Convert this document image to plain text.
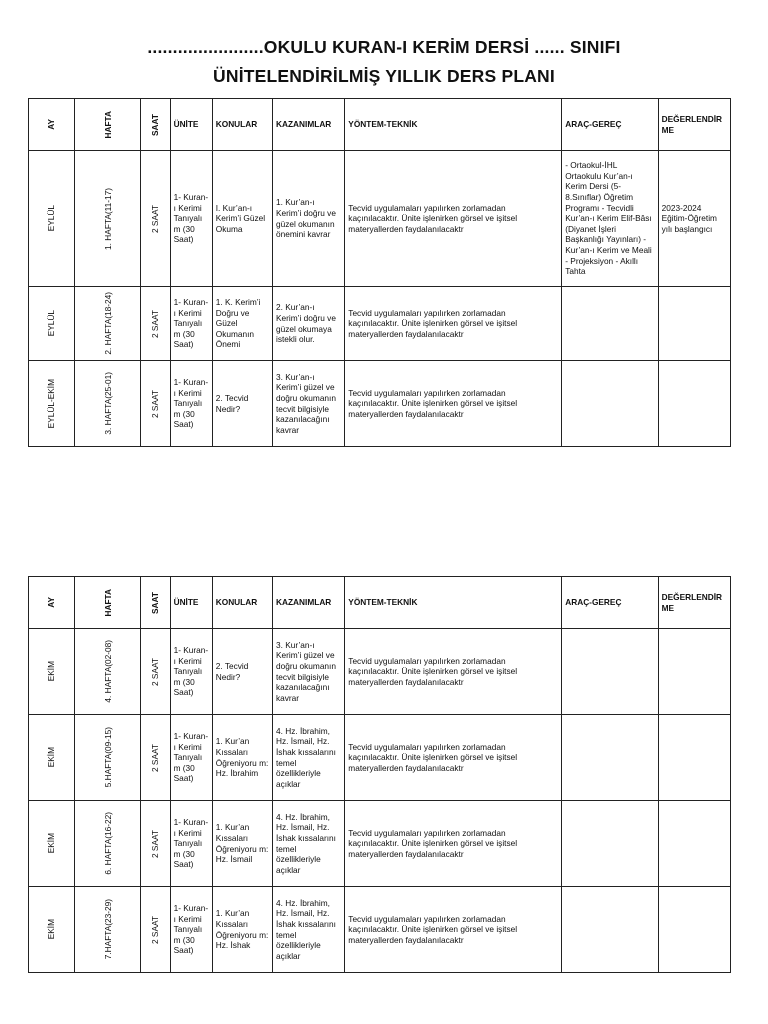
.......................OKULU KURAN-I KERİM DERSİ ...... SINIFI
ÜNİTELENDİRİLMİŞ YILLIK DERS PLANI
AY	HAFTA	SAAT	ÜNİTE	KONULAR	KAZANIMLAR	YÖNTEM-TEKNİK	ARAÇ-GEREÇ	DEĞERLENDİR ME

EYLÜL	1. HAFTA(11-17)	2 SAAT	1- Kuran-ı Kerimi Tanıyalı m (30 Saat)	I. Kur’an-ı Kerim’i Güzel Okuma	1. Kur’an-ı Kerim’i doğru ve güzel okumanın önemini kavrar	Tecvid uygulamaları yapılırken zorlamadan kaçınılacaktır. Ünite işlenirken görsel ve işitsel materyallerden faydalanılacaktr	- Ortaokul-İHL Ortaokulu Kur’an-ı Kerim Dersi (5-8.Sınıflar) Öğretim Programı - Tecvidli Kur’an-ı Kerim Elif-Bâsı (Diyanet İşleri Başkanlığı Yayınları) - Kur’an-ı Kerim ve Meali - Projeksiyon - Akıllı Tahta	2023-2024 Eğitim-Öğretim yılı başlangıcı

EYLÜL	2. HAFTA(18-24)	2 SAAT	1- Kuran-ı Kerimi Tanıyalı m (30 Saat)	1. K. Kerim’i Doğru ve Güzel Okumanın Önemi	2. Kur’an-ı Kerim’i doğru ve güzel okumaya istekli olur.	Tecvid uygulamaları yapılırken zorlamadan kaçınılacaktır. Ünite işlenirken görsel ve işitsel materyallerden faydalanılacaktr		

EYLÜL-EKİM	3. HAFTA(25-01)	2 SAAT	1- Kuran-ı Kerimi Tanıyalı m (30 Saat)	2. Tecvid Nedir?	3. Kur’an-ı Kerim’i güzel ve doğru okumanın tecvit bilgisiyle kazanılacağını kavrar	Tecvid uygulamaları yapılırken zorlamadan kaçınılacaktır. Ünite işlenirken görsel ve işitsel materyallerden faydalanılacaktr		
AY	HAFTA	SAAT	ÜNİTE	KONULAR	KAZANIMLAR	YÖNTEM-TEKNİK	ARAÇ-GEREÇ	DEĞERLENDİR ME

EKİM	4. HAFTA(02-08)	2 SAAT	1- Kuran-ı Kerimi Tanıyalı m (30 Saat)	2. Tecvid Nedir?	3. Kur’an-ı Kerim’i güzel ve doğru okumanın tecvit bilgisiyle kazanılacağını kavrar	Tecvid uygulamaları yapılırken zorlamadan kaçınılacaktır. Ünite işlenirken görsel ve işitsel materyallerden faydalanılacaktr		

EKİM	5.HAFTA(09-15)	2 SAAT	1- Kuran-ı Kerimi Tanıyalı m (30 Saat)	1. Kur’an Kıssaları Öğreniyoru m: Hz. İbrahim	4. Hz. İbrahim, Hz. İsmail, Hz. İshak kıssalarını temel özellikleriyle açıklar	Tecvid uygulamaları yapılırken zorlamadan kaçınılacaktır. Ünite işlenirken görsel ve işitsel materyallerden faydalanılacaktr		

EKİM	6. HAFTA(16-22)	2 SAAT	1- Kuran-ı Kerimi Tanıyalı m (30 Saat)	1. Kur’an Kıssaları Öğreniyoru m: Hz. İsmail	4. Hz. İbrahim, Hz. İsmail, Hz. İshak kıssalarını temel özellikleriyle açıklar	Tecvid uygulamaları yapılırken zorlamadan kaçınılacaktır. Ünite işlenirken görsel ve işitsel materyallerden faydalanılacaktr		

EKİM	7.HAFTA(23-29)	2 SAAT	1- Kuran-ı Kerimi Tanıyalı m (30 Saat)	1. Kur’an Kıssaları Öğreniyoru m: Hz. İshak	4. Hz. İbrahim, Hz. İsmail, Hz. İshak kıssalarını temel özellikleriyle açıklar	Tecvid uygulamaları yapılırken zorlamadan kaçınılacaktır. Ünite işlenirken görsel ve işitsel materyallerden faydalanılacaktr		
